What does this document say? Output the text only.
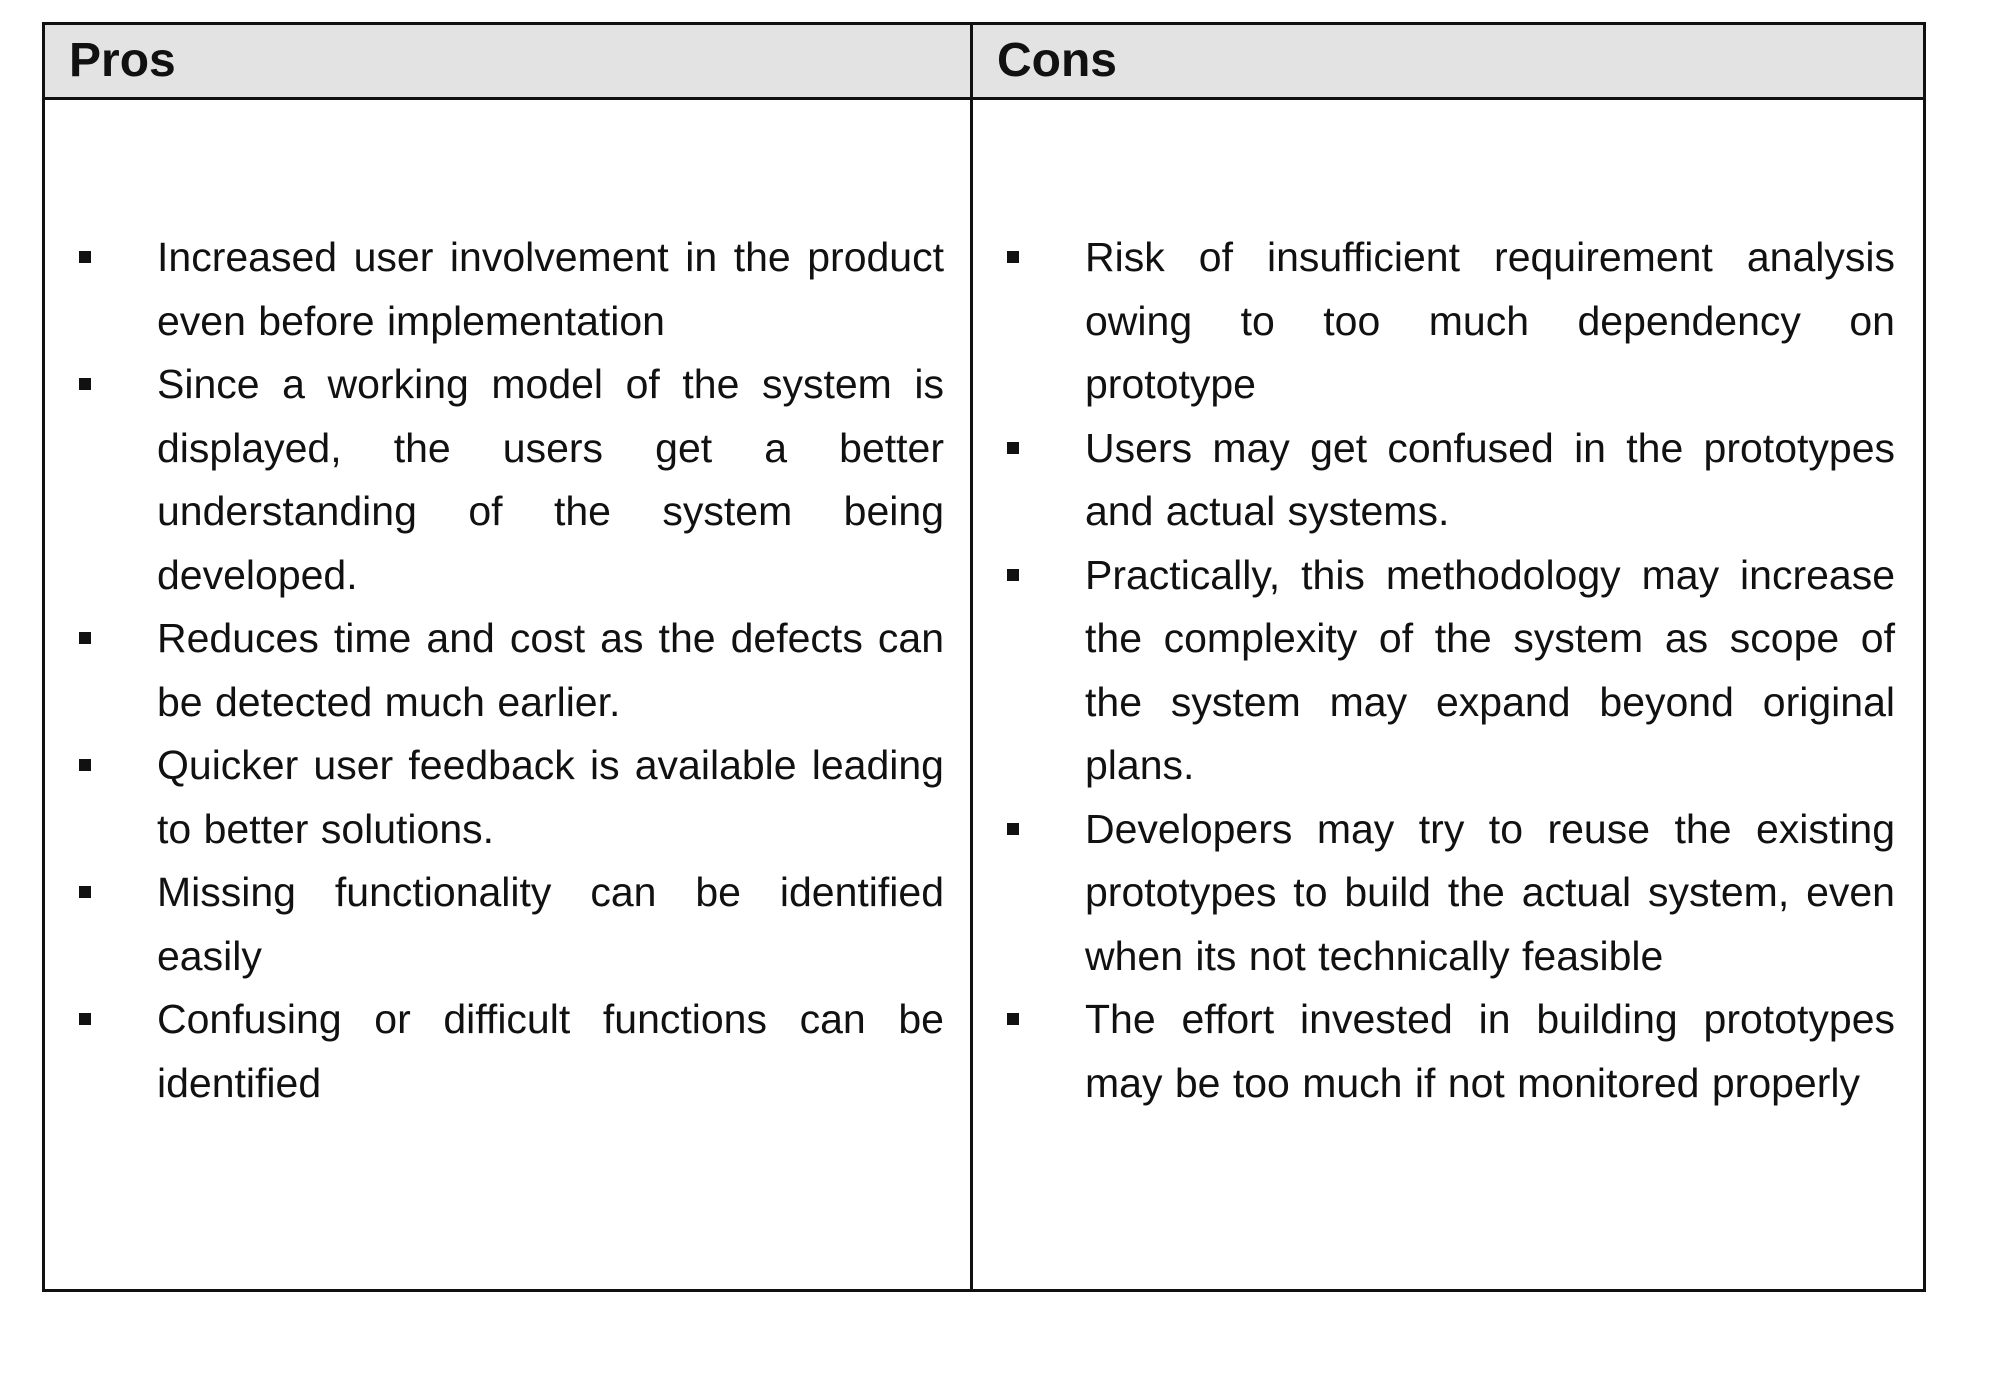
Pros	Cons
Increased user involvement in the product even before implementation
Since a working model of the system is displayed, the users get a better understanding of the system being developed.
Reduces time and cost as the defects can be detected much earlier.
Quicker user feedback is available leading to better solutions.
Missing functionality can be identified easily
Confusing or difficult functions can be identified
Risk of insufficient requirement analysis owing to too much dependency on prototype
Users may get confused in the prototypes and actual systems.
Practically, this methodology may increase the complexity of the system as scope of the system may expand beyond original plans.
Developers may try to reuse the existing prototypes to build the actual system, even when its not technically feasible
The effort invested in building prototypes may be too much if not monitored properly
